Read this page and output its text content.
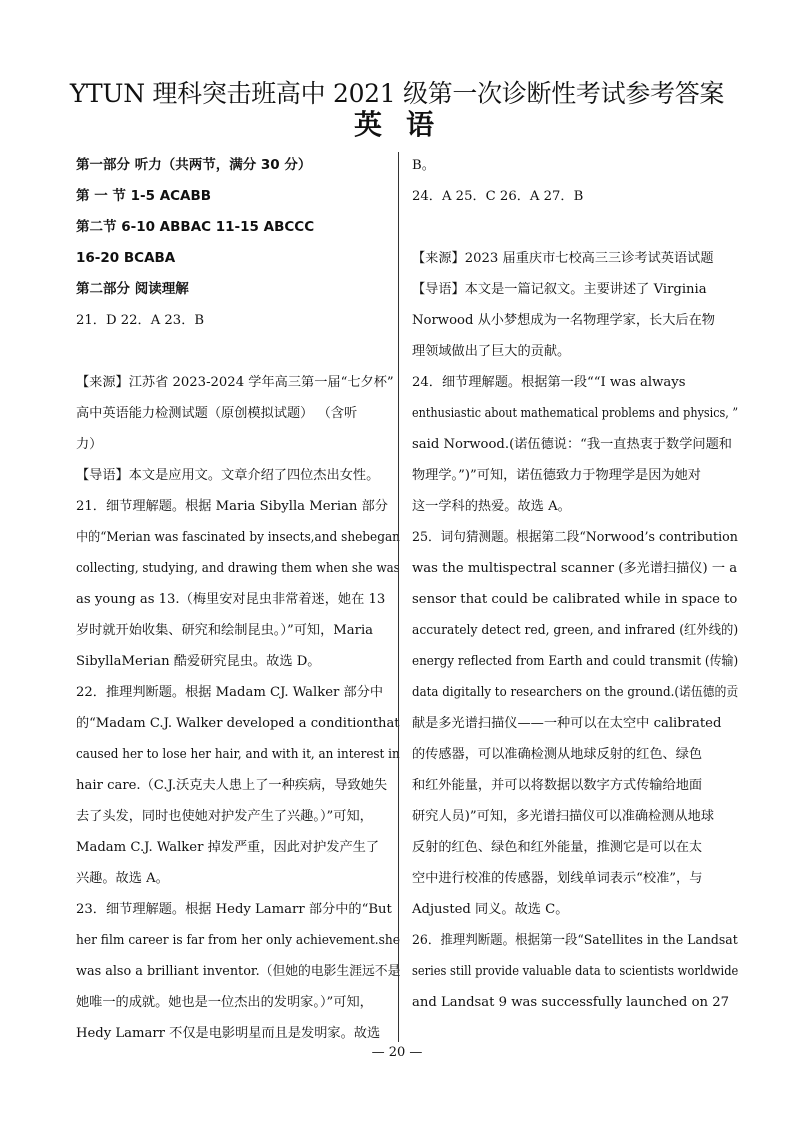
YTUN 理科突击班高中 2021 级第一次诊断性考试参考答案
英语
第一部分 听力（共两节，满分 30 分）
第 一 节 1-5 ACABB
第二节 6-10 ABBAC 11-15 ABCCC
16-20 BCABA
第二部分 阅读理解
21．D 22．A 23．B

【来源】江苏省 2023-2024 学年高三第一届“七夕杯”
高中英语能力检测试题（原创模拟试题） （含听
力）
【导语】本文是应用文。文章介绍了四位杰出女性。
21．细节理解题。根据 Maria Sibylla Merian 部分
中的“Merian was fascinated by insects,and shebegan
collecting, studying, and drawing them when she was
as young as 13.（梅里安对昆虫非常着迷，她在 13
岁时就开始收集、研究和绘制昆虫。）”可知，Maria
SibyllaMerian 酷爱研究昆虫。故选 D。
22．推理判断题。根据 Madam CJ. Walker 部分中
的“Madam C.J. Walker developed a conditionthat
caused her to lose her hair, and with it, an interest in
hair care.（C.J.沃克夫人患上了一种疾病，导致她失
去了头发，同时也使她对护发产生了兴趣。）”可知，
Madam C.J. Walker 掉发严重，因此对护发产生了
兴趣。故选 A。
23．细节理解题。根据 Hedy Lamarr 部分中的“But
her film career is far from her only achievement.she
was also a brilliant inventor.（但她的电影生涯远不是
她唯一的成就。她也是一位杰出的发明家。）”可知，
Hedy Lamarr 不仅是电影明星而且是发明家。故选
B。
24．A 25．C 26．A 27．B

【来源】2023 届重庆市七校高三三诊考试英语试题
【导语】本文是一篇记叙文。主要讲述了 Virginia
Norwood 从小梦想成为一名物理学家，长大后在物
理领域做出了巨大的贡献。
24．细节理解题。根据第一段““I was always
enthusiastic about mathematical problems and physics, ”
said Norwood.(诺伍德说：“我一直热衷于数学问题和
物理学。”)”可知，诺伍德致力于物理学是因为她对
这一学科的热爱。故选 A。
25．词句猜测题。根据第二段“Norwood’s contribution
was the multispectral scanner (多光谱扫描仪) 一 a
sensor that could be calibrated while in space to
accurately detect red, green, and infrared (红外线的)
energy reflected from Earth and could transmit (传输)
data digitally to researchers on the ground.(诺伍德的贡
献是多光谱扫描仪——一种可以在太空中 calibrated
的传感器，可以准确检测从地球反射的红色、绿色
和红外能量，并可以将数据以数字方式传输给地面
研究人员)”可知，多光谱扫描仪可以准确检测从地球
反射的红色、绿色和红外能量，推测它是可以在太
空中进行校准的传感器，划线单词表示“校准”，与
Adjusted 同义。故选 C。
26．推理判断题。根据第一段“Satellites in the Landsat
series still provide valuable data to scientists worldwide
and Landsat 9 was successfully launched on 27
— 20 —
